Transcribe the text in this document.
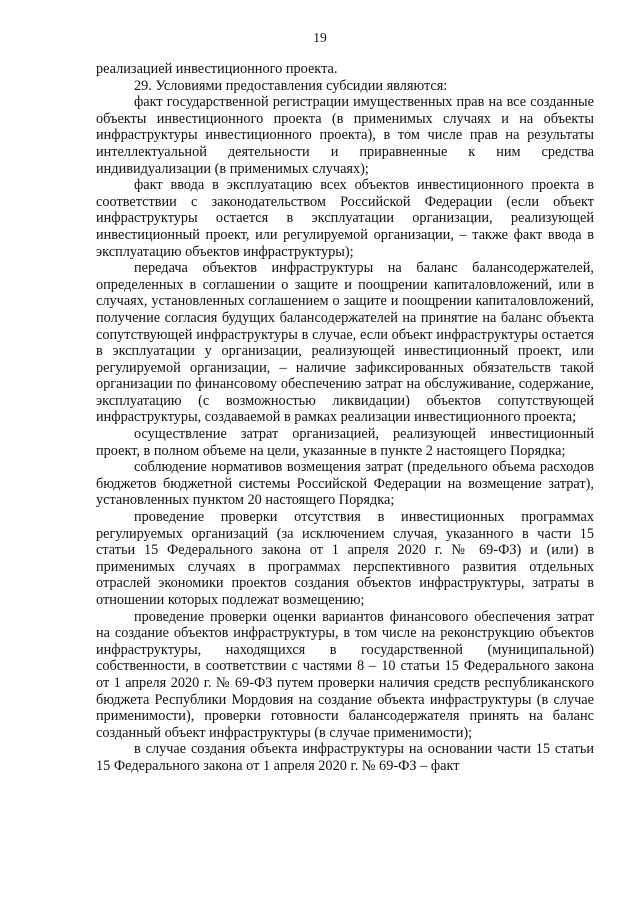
19

реализацией инвестиционного проекта.

29. Условиями предоставления субсидии являются:

факт государственной регистрации имущественных прав на все созданные объекты инвестиционного проекта (в применимых случаях и на объекты инфраструктуры инвестиционного проекта), в том числе прав на результаты интеллектуальной деятельности и приравненные к ним средства индивидуализации (в применимых случаях);

факт ввода в эксплуатацию всех объектов инвестиционного проекта в соответствии с законодательством Российской Федерации (если объект инфраструктуры остается в эксплуатации организации, реализующей инвестиционный проект, или регулируемой организации, – также факт ввода в эксплуатацию объектов инфраструктуры);

передача объектов инфраструктуры на баланс балансодержателей, определенных в соглашении о защите и поощрении капиталовложений, или в случаях, установленных соглашением о защите и поощрении капиталовложений, получение согласия будущих балансодержателей на принятие на баланс объекта сопутствующей инфраструктуры в случае, если объект инфраструктуры остается в эксплуатации у организации, реализующей инвестиционный проект, или регулируемой организации, – наличие зафиксированных обязательств такой организации по финансовому обеспечению затрат на обслуживание, содержание, эксплуатацию (с возможностью ликвидации) объектов сопутствующей инфраструктуры, создаваемой в рамках реализации инвестиционного проекта;

осуществление затрат организацией, реализующей инвестиционный проект, в полном объеме на цели, указанные в пункте 2 настоящего Порядка;

соблюдение нормативов возмещения затрат (предельного объема расходов бюджетов бюджетной системы Российской Федерации на возмещение затрат), установленных пунктом 20 настоящего Порядка;

проведение проверки отсутствия в инвестиционных программах регулируемых организаций (за исключением случая, указанного в части 15 статьи 15 Федерального закона от 1 апреля 2020 г. № 69-ФЗ) и (или) в применимых случаях в программах перспективного развития отдельных отраслей экономики проектов создания объектов инфраструктуры, затраты в отношении которых подлежат возмещению;

проведение проверки оценки вариантов финансового обеспечения затрат на создание объектов инфраструктуры, в том числе на реконструкцию объектов инфраструктуры, находящихся в государственной (муниципальной) собственности, в соответствии с частями 8 – 10 статьи 15 Федерального закона от 1 апреля 2020 г. № 69-ФЗ путем проверки наличия средств республиканского бюджета Республики Мордовия на создание объекта инфраструктуры (в случае применимости), проверки готовности балансодержателя принять на баланс созданный объект инфраструктуры (в случае применимости);

в случае создания объекта инфраструктуры на основании части 15 статьи 15 Федерального закона от 1 апреля 2020 г. № 69-ФЗ – факт
